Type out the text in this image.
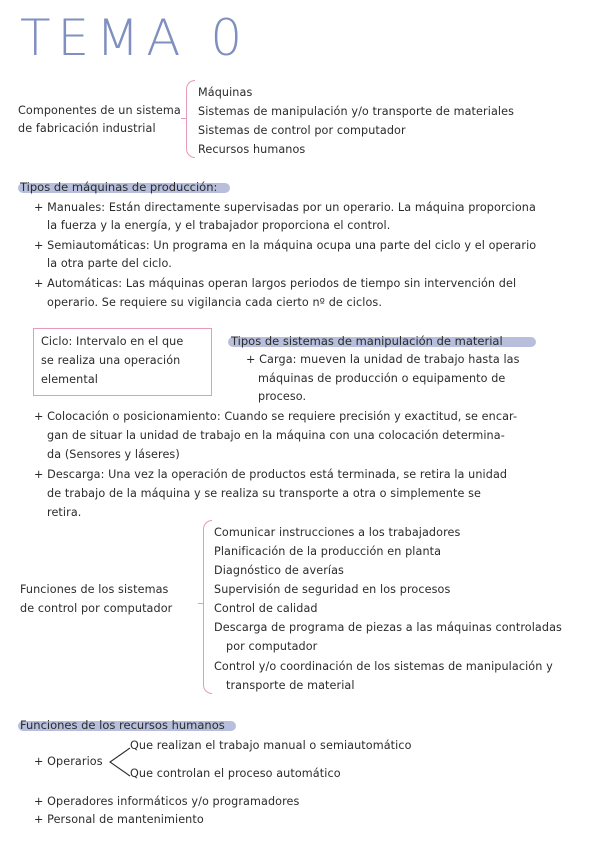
TEMA 0
Componentes de un sistema
de fabricación industrial
Máquinas
Sistemas de manipulación y/o transporte de materiales
Sistemas de control por computador
Recursos humanos
Tipos de máquinas de producción:
+ Manuales: Están directamente supervisadas por un operario. La máquina proporciona
la fuerza y la energía, y el trabajador proporciona el control.
+ Semiautomáticas: Un programa en la máquina ocupa una parte del ciclo y el operario
la otra parte del ciclo.
+ Automáticas: Las máquinas operan largos periodos de tiempo sin intervención del
operario. Se requiere su vigilancia cada cierto nº de ciclos.
Ciclo: Intervalo en el que
se realiza una operación
elemental
Tipos de sistemas de manipulación de material
+ Carga: mueven la unidad de trabajo hasta las
máquinas de producción o equipamento de
proceso.
+ Colocación o posicionamiento: Cuando se requiere precisión y exactitud, se encar-
gan de situar la unidad de trabajo en la máquina con una colocación determina-
da (Sensores y láseres)
+ Descarga: Una vez la operación de productos está terminada, se retira la unidad
de trabajo de la máquina y se realiza su transporte a otra o simplemente se
retira.
Funciones de los sistemas
de control por computador
Comunicar instrucciones a los trabajadores
Planificación de la producción en planta
Diagnóstico de averías
Supervisión de seguridad en los procesos
Control de calidad
Descarga de programa de piezas a las máquinas controladas
por computador
Control y/o coordinación de los sistemas de manipulación y
transporte de material
Funciones de los recursos humanos
+ Operarios
Que realizan el trabajo manual o semiautomático
Que controlan el proceso automático
+ Operadores informáticos y/o programadores
+ Personal de mantenimiento
